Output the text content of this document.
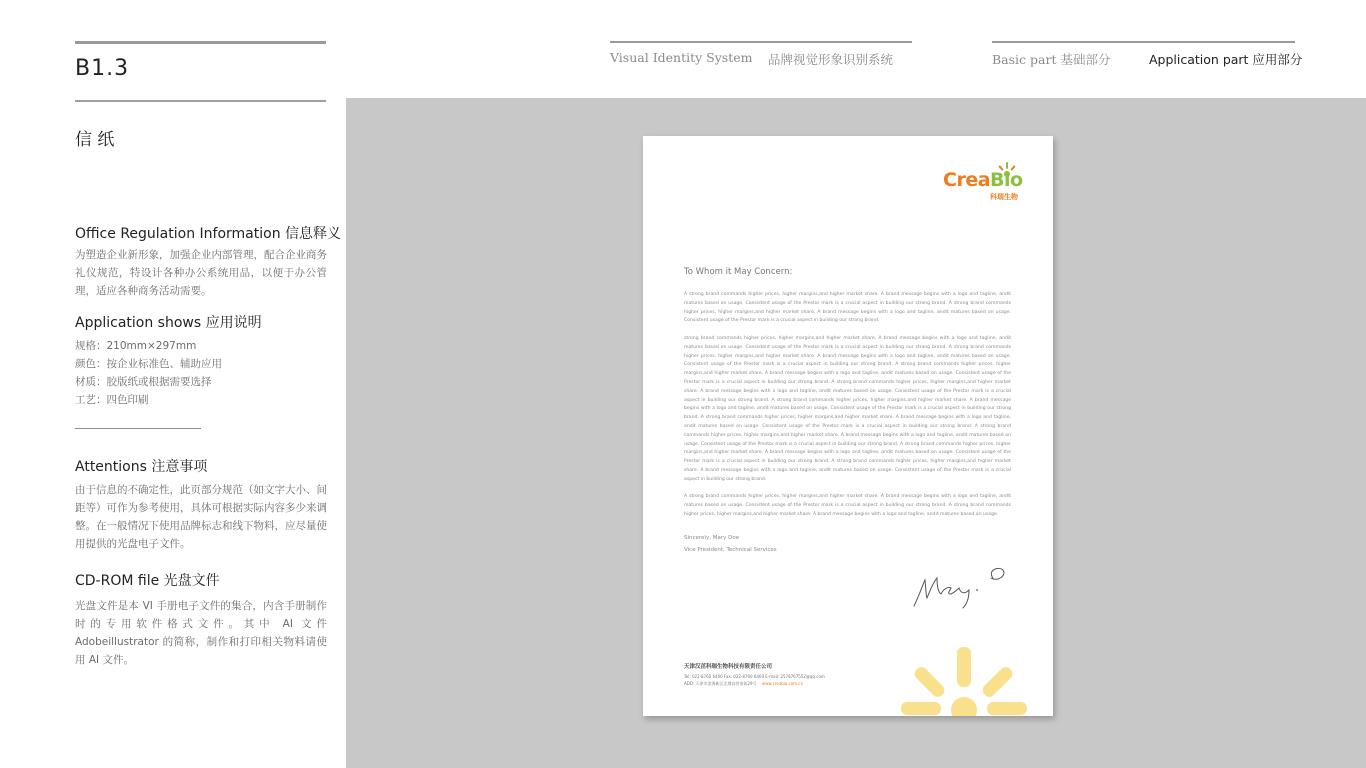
B1.3
信 纸
Office Regulation Information 信息释义
为塑造企业新形象，加强企业内部管理，配合企业商务礼仪规范，特设计各种办公系统用品，以便于办公管理，适应各种商务活动需要。
Application shows 应用说明
规格：210mm×297mm
颜色：按企业标准色、辅助应用
材质：胶版纸或根据需要选择
工艺：四色印刷
Attentions 注意事项
由于信息的不确定性，此页部分规范（如文字大小、间距等）可作为参考使用，具体可根据实际内容多少来调整。在一般情况下使用品牌标志和线下物料，应尽量使用提供的光盘电子文件。
CD-ROM file 光盘文件
光盘文件是本 VI 手册电子文件的集合，内含手册制作时的专用软件格式文件。其中 AI 文件 Adobeillustrator 的简称，制作和打印相关物料请使用 AI 文件。
Visual Identity System 品牌视觉形象识别系统	Basic part 基础部分	Application part 应用部分
CreaBio
科瑞生物
To Whom it May Concern:

A strong brand commands higher prices, higher margins,and higher market share. A brand message begins with a logo and tagline, andit matures based on usage. Consistent usage of the Prestor mark is a crucial aspect in building our strong brand. A strong brand commands higher prices, higher margins,and higher market share. A brand message begins with a logo and tagline, andit matures based on usage. Consistent usage of the Prestor mark is a crucial aspect in building our strong brand.

strong brand commands higher prices, higher margins,and higher market share. A brand message begins with a logo and tagline, andit matures based on usage. Consistent usage of the Prestor mark is a crucial aspect in building our strong brand. A strong brand commands higher prices, higher margins,and higher market share. A brand message begins with a logo and tagline, andit matures based on usage. Consistent usage of the Prestor mark is a crucial aspect in building our strong brand. A strong brand commands higher prices, higher margins,and higher market share. A brand message begins with a logo and tagline, andit matures based on usage. Consistent usage of the Prestor mark is a crucial aspect in building our strong brand. A strong brand commands higher prices, higher margins,and higher market share. A brand message begins with a logo and tagline, andit matures based on usage. Consistent usage of the Prestor mark is a crucial aspect in building our strong brand. A strong brand commands higher prices, higher margins,and higher market share. A brand message begins with a logo and tagline, andit matures based on usage. Consistent usage of the Prestor mark is a crucial aspect in building our strong brand. A strong brand commands higher prices, higher margins,and higher market share. A brand message begins with a logo and tagline, andit matures based on usage. Consistent usage of the Prestor mark is a crucial aspect in building our strong brand. A strong brand commands higher prices, higher margins,and higher market share. A brand message begins with a logo and tagline, andit matures based on usage. Consistent usage of the Prestor mark is a crucial aspect in building our strong brand. A strong brand commands higher prices, higher margins,and higher market share. A brand message begins with a logo and tagline, andit matures based on usage. Consistent usage of the Prestor mark is a crucial aspect in building our strong brand. A strong brand commands higher prices, higher margins,and higher market share. A brand message begins with a logo and tagline, andit matures based on usage. Consistent usage of the Prestor mark is a crucial aspect in building our strong brand.

A strong brand commands higher prices, higher margins,and higher market share. A brand message begins with a logo and tagline, andit matures based on usage. Consistent usage of the Prestor mark is a crucial aspect in building our strong brand. A strong brand commands higher prices, higher margins,and higher market share. A brand message begins with a logo and tagline, andit matures based on usage.

Sincerely, Mary Doe
Vice President, Technical Services
天津汉茁科瑞生物科技有限责任公司
Tel: 022-8760 6460 Fax: 022-8760 6460 E-mail: 2578767552@qq.com
ADD: 天津市滨海新区北塘高营南街29号 www.creabio.com.cn
